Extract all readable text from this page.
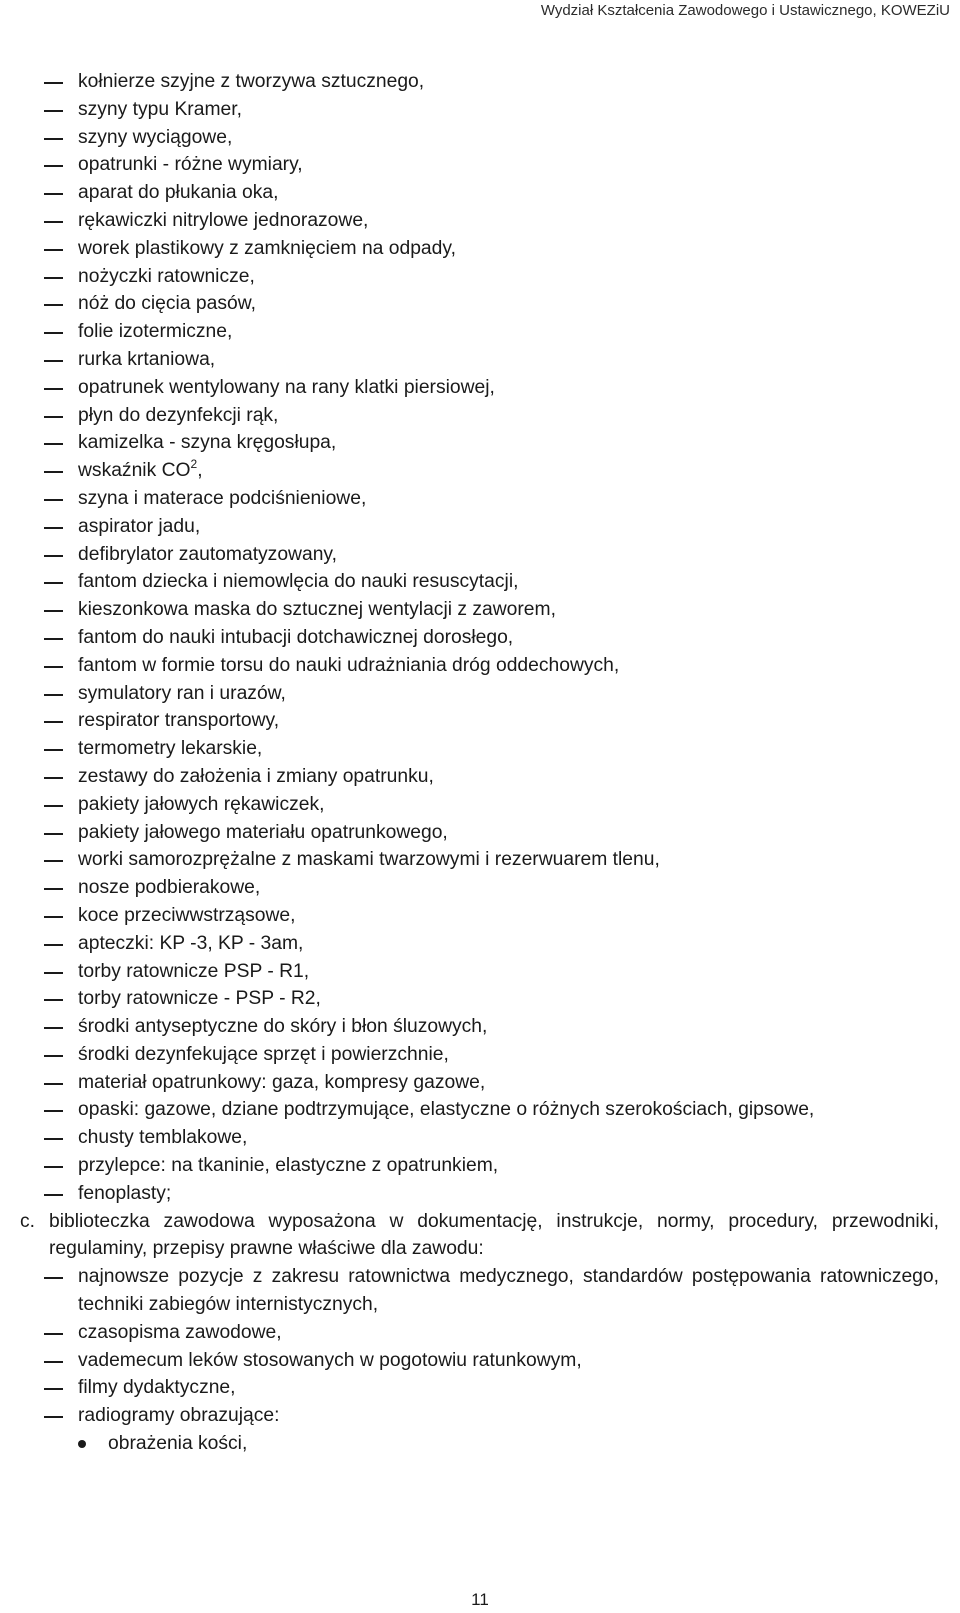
Wydział Kształcenia Zawodowego i Ustawicznego, KOWEZiU
kołnierze szyjne z tworzywa sztucznego,
szyny typu Kramer,
szyny wyciągowe,
opatrunki - różne wymiary,
aparat do płukania oka,
rękawiczki nitrylowe jednorazowe,
worek plastikowy z zamknięciem na odpady,
nożyczki ratownicze,
nóż do cięcia pasów,
folie izotermiczne,
rurka krtaniowa,
opatrunek wentylowany na rany klatki piersiowej,
płyn do dezynfekcji rąk,
kamizelka - szyna kręgosłupa,
wskaźnik $CO^2$,
szyna i materace podciśnieniowe,
aspirator jadu,
defibrylator zautomatyzowany,
fantom dziecka i niemowlęcia do nauki resuscytacji,
kieszonkowa maska do sztucznej wentylacji z zaworem,
fantom do nauki intubacji dotchawicznej dorosłego,
fantom w formie torsu do nauki udrażniania dróg oddechowych,
symulatory ran i urazów,
respirator transportowy,
termometry lekarskie,
zestawy do założenia i zmiany opatrunku,
pakiety jałowych rękawiczek,
pakiety jałowego materiału opatrunkowego,
worki samorozprężalne z maskami twarzowymi i rezerwuarem tlenu,
nosze podbierakowe,
koce przeciwwstrząsowe,
apteczki: KP -3, KP - 3am,
torby ratownicze PSP - R1,
torby ratownicze - PSP - R2,
środki antyseptyczne do skóry i błon śluzowych,
środki dezynfekujące sprzęt i powierzchnie,
materiał opatrunkowy: gaza, kompresy gazowe,
opaski: gazowe, dziane podtrzymujące, elastyczne o różnych szerokościach, gipsowe,
chusty temblakowe,
przylepce: na tkaninie, elastyczne z opatrunkiem,
fenoplasty;
c. biblioteczka zawodowa wyposażona w dokumentację, instrukcje, normy, procedury, przewodniki, regulaminy, przepisy prawne właściwe dla zawodu:
najnowsze pozycje z zakresu ratownictwa medycznego, standardów postępowania ratowniczego, techniki zabiegów internistycznych,
czasopisma zawodowe,
vademecum leków stosowanych w pogotowiu ratunkowym,
filmy dydaktyczne,
radiogramy obrazujące:
obrażenia kości,
11
